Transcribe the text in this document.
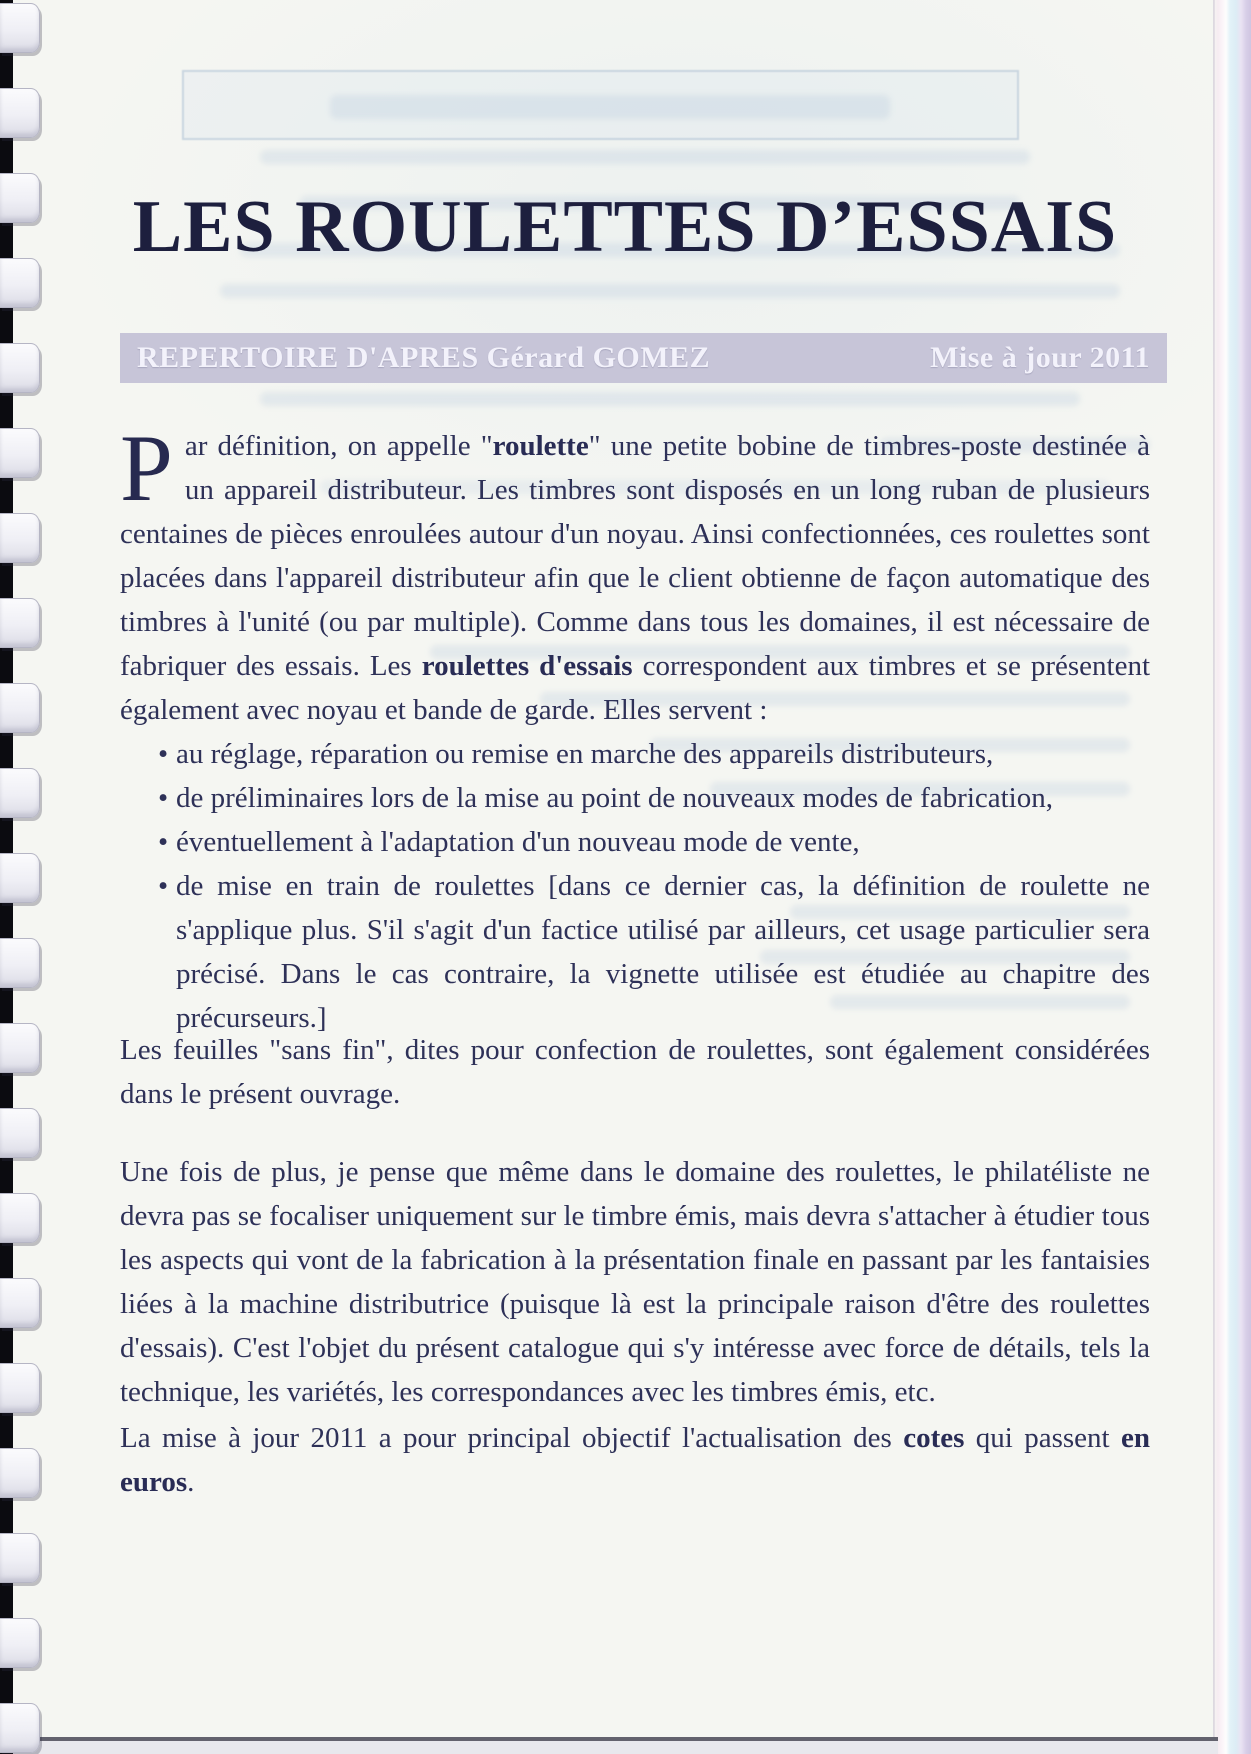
LES ROULETTES D’ESSAIS
REPERTOIRE D'APRES Gérard GOMEZ	Mise à jour 2011
Par définition, on appelle "roulette" une petite bobine de timbres-poste destinée à un appareil distributeur. Les timbres sont disposés en un long ruban de plusieurs centaines de pièces enroulées autour d'un noyau. Ainsi confectionnées, ces roulettes sont placées dans l'appareil distributeur afin que le client obtienne de façon automatique des timbres à l'unité (ou par multiple). Comme dans tous les domaines, il est nécessaire de fabriquer des essais. Les roulettes d'essais correspondent aux timbres et se présentent également avec noyau et bande de garde. Elles servent :
• au réglage, réparation ou remise en marche des appareils distributeurs,
• de préliminaires lors de la mise au point de nouveaux modes de fabrication,
• éventuellement à l'adaptation d'un nouveau mode de vente,
• de mise en train de roulettes [dans ce dernier cas, la définition de roulette ne s'applique plus. S'il s'agit d'un factice utilisé par ailleurs, cet usage particulier sera précisé. Dans le cas contraire, la vignette utilisée est étudiée au chapitre des précurseurs.]
Les feuilles "sans fin", dites pour confection de roulettes, sont également considérées dans le présent ouvrage.
Une fois de plus, je pense que même dans le domaine des roulettes, le philatéliste ne devra pas se focaliser uniquement sur le timbre émis, mais devra s'attacher à étudier tous les aspects qui vont de la fabrication à la présentation finale en passant par les fantaisies liées à la machine distributrice (puisque là est la principale raison d'être des roulettes d'essais). C'est l'objet du présent catalogue qui s'y intéresse avec force de détails, tels la technique, les variétés, les correspondances avec les timbres émis, etc.
La mise à jour 2011 a pour principal objectif l'actualisation des cotes qui passent en euros.
